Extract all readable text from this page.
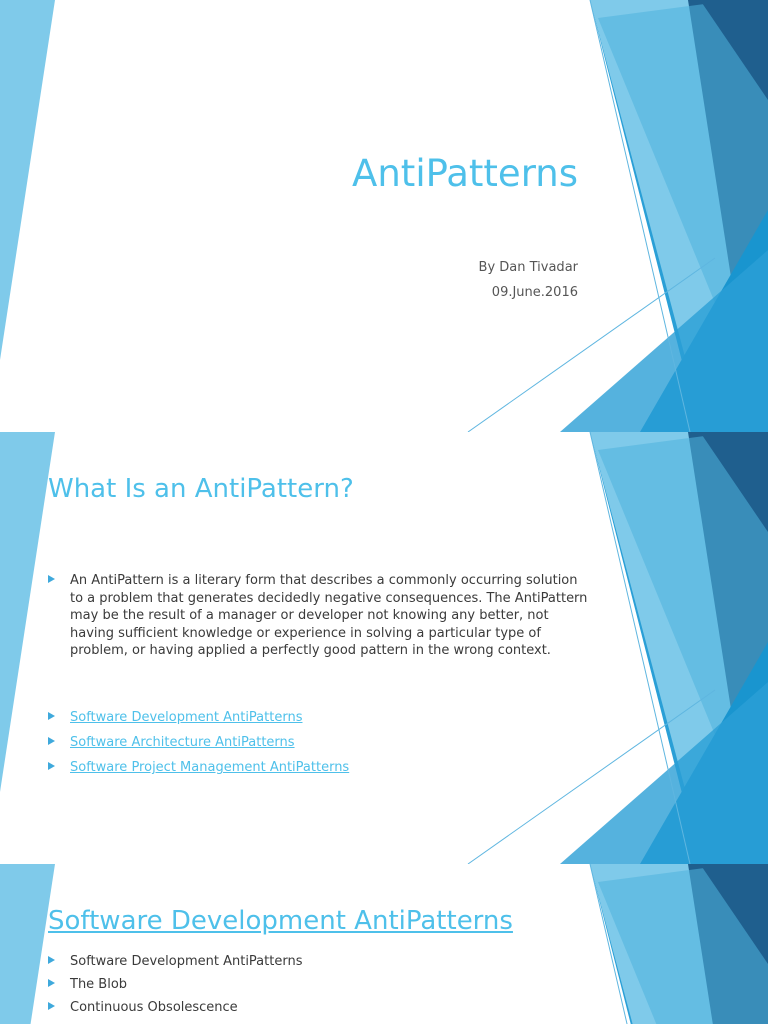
AntiPatterns

By Dan Tivadar

09.June.2016

What Is an AntiPattern?
An AntiPattern is a literary form that describes a commonly occurring solution to a problem that generates decidedly negative consequences. The AntiPattern may be the result of a manager or developer not knowing any better, not having sufficient knowledge or experience in solving a particular type of problem, or having applied a perfectly good pattern in the wrong context.
Software Development AntiPatterns
Software Architecture AntiPatterns
Software Project Management AntiPatterns
Software Development AntiPatterns
Software Development AntiPatterns
The Blob
Continuous Obsolescence
